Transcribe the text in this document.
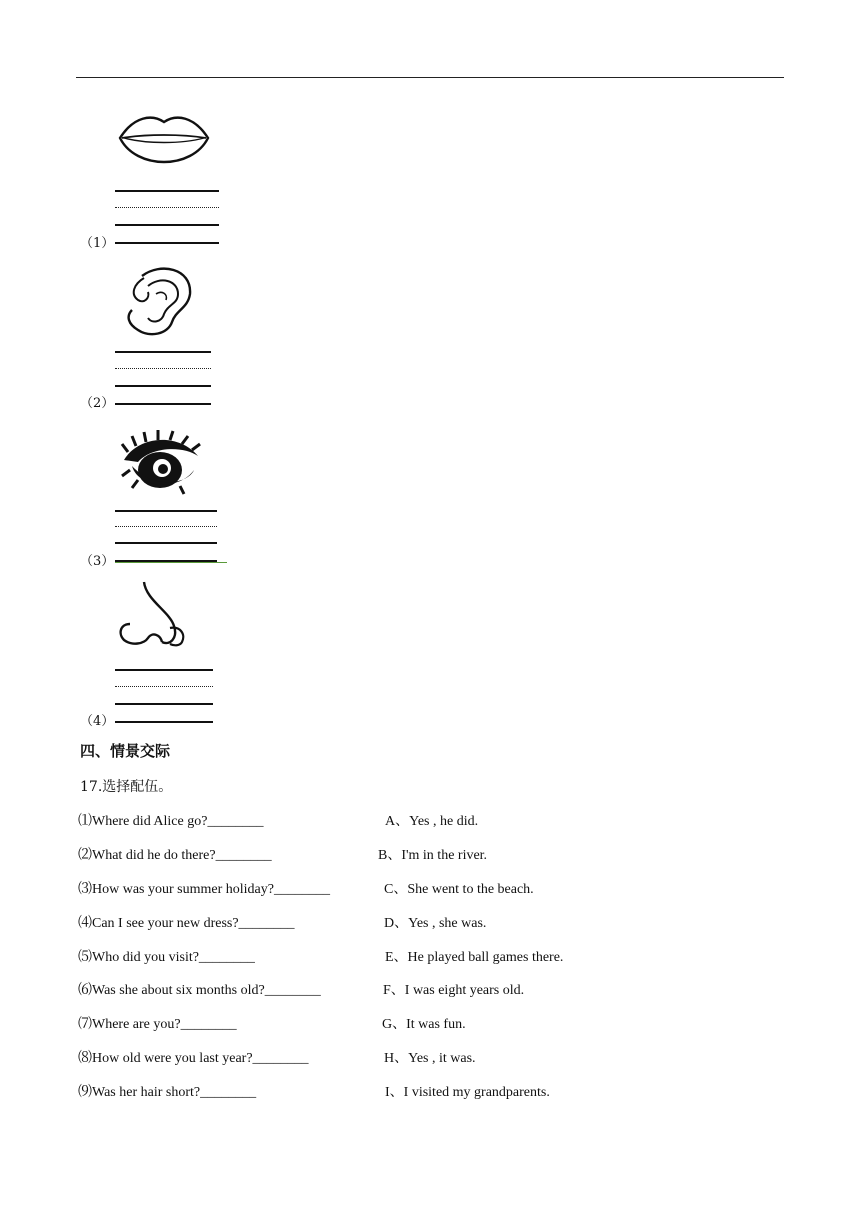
（1）
（2）
（3）
（4）
四、情景交际
17.选择配伍。
⑴Where did Alice go?________	A、Yes , he did.
⑵What did he do there?________	B、I'm in the river.
⑶How was your summer holiday?________	C、She went to the beach.
⑷Can I see your new dress?________	D、Yes , she was.
⑸Who did you visit?________	E、He played ball games there.
⑹Was she about six months old?________	F、I was eight years old.
⑺Where are you?________	G、It was fun.
⑻How old were you last year?________	H、Yes , it was.
⑼Was her hair short?________	I、I visited my grandparents.
